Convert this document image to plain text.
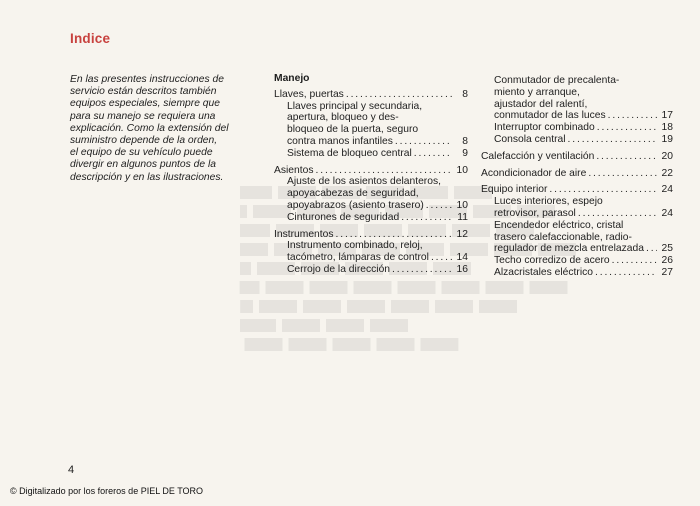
Indice
En las presentes instrucciones de
servicio están descritos también
equipos especiales, siempre que
para su manejo se requiera una
explicación. Como la extensión del
suministro depende de la orden,
el equipo de su vehículo puede
divergir en algunos puntos de la
descripción y en las ilustraciones.
Manejo
Llaves, puertas . . .	8
Llaves principal y secundaria,
apertura, bloqueo y des-
bloqueo de la puerta, seguro
contra manos infantiles . . .	8
Sistema de bloqueo central . . .	9
Asientos . . .	10
Ajuste de los asientos delanteros,
apoyacabezas de seguridad,
apoyabrazos (asiento trasero) . . .	10
Cinturones de seguridad . . .	11
Instrumentos . . .	12
Instrumento combinado, reloj,
tacómetro, lámparas de control . . .	14
Cerrojo de la dirección . . .	16
Conmutador de precalenta-
miento y arranque,
ajustador del ralentí,
conmutador de las luces . . .	17
Interruptor combinado . . .	18
Consola central . . .	19
Calefacción y ventilación . . .	20
Acondicionador de aire . . .	22
Equipo interior . . .	24
Luces interiores, espejo
retrovisor, parasol . . .	24
Encendedor eléctrico, cristal
trasero calefaccionable, radio-
regulador de mezcla entrelazada . . . 25
Techo corredizo de acero . . .	26
Alzacristales eléctrico . . .	27
4
© Digitalizado por los foreros de PIEL DE TORO
